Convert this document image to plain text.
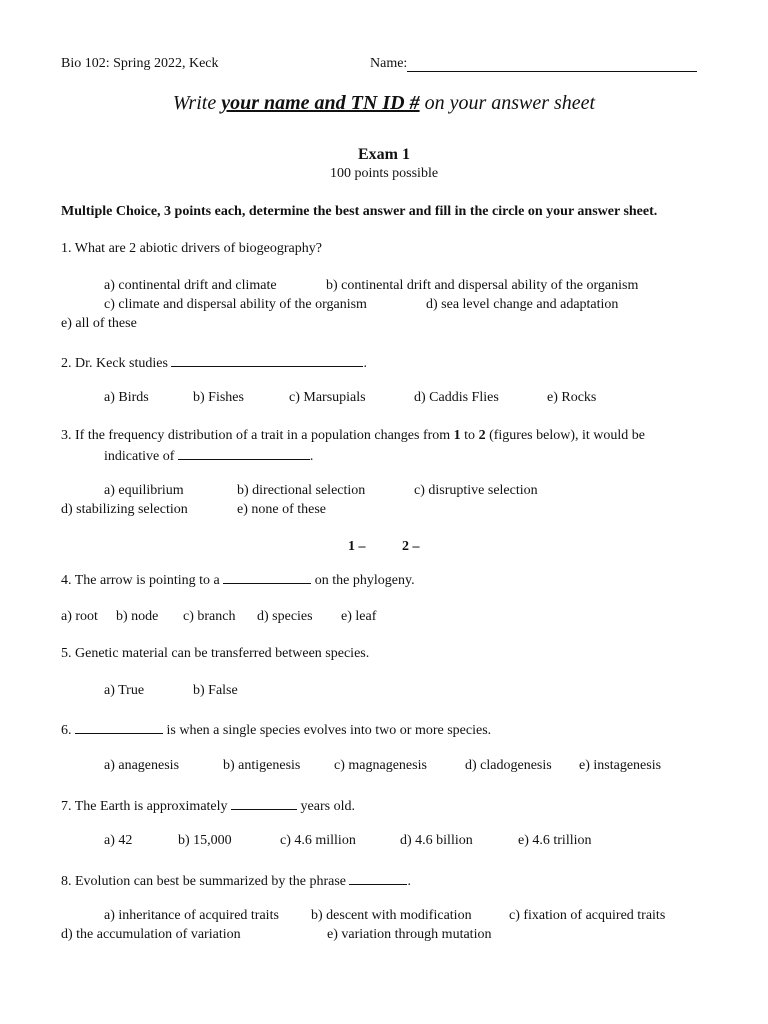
Bio 102: Spring 2022, Keck	Name:
Write your name and TN ID # on your answer sheet
Exam 1
100 points possible
Multiple Choice, 3 points each, determine the best answer and fill in the circle on your answer sheet.
1. What are 2 abiotic drivers of biogeography?
a) continental drift and climate	b) continental drift and dispersal ability of the organism
c) climate and dispersal ability of the organism	d) sea level change and adaptation
e) all of these
2. Dr. Keck studies	.
a) Birds	b) Fishes	c) Marsupials	d) Caddis Flies	e) Rocks
3. If the frequency distribution of a trait in a population changes from 1 to 2 (figures below), it would be
indicative of	.
a) equilibrium	b) directional selection	c) disruptive selection
d) stabilizing selection	e) none of these
1 –	2 –
4. The arrow is pointing to a	on the phylogeny.
a) root b) node c) branch d) species e) leaf
5. Genetic material can be transferred between species.
a) True	b) False
6.	is when a single species evolves into two or more species.
a) anagenesis	b) antigenesis c) magnagenesis	d) cladogenesis e) instagenesis
7. The Earth is approximately	years old.
a) 42	b) 15,000	c) 4.6 million	d) 4.6 billion	e) 4.6 trillion
8. Evolution can best be summarized by the phrase	.
a) inheritance of acquired traits b) descent with modification	c) fixation of acquired traits
d) the accumulation of variation	e) variation through mutation
